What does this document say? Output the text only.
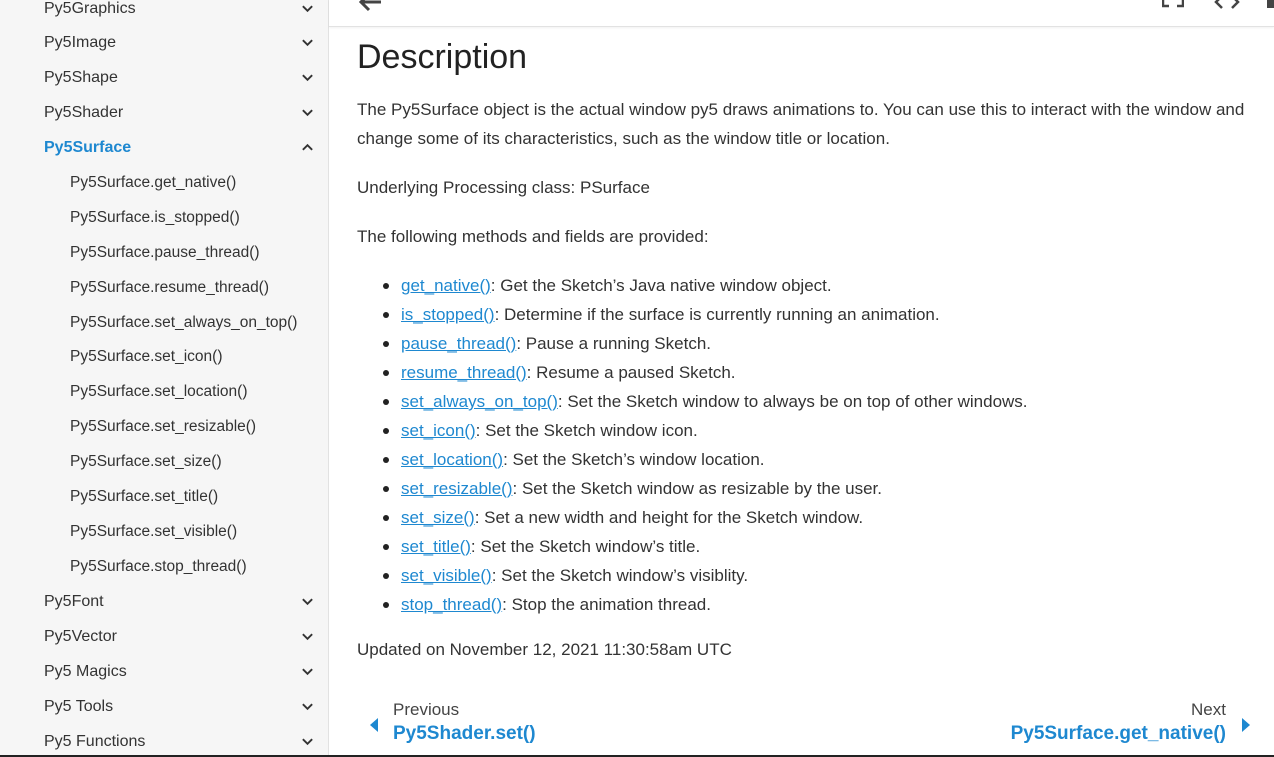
Py5Graphics
Py5Image
Py5Shape
Py5Shader
Py5Surface
Py5Surface.get_native()
Py5Surface.is_stopped()
Py5Surface.pause_thread()
Py5Surface.resume_thread()
Py5Surface.set_always_on_top()
Py5Surface.set_icon()
Py5Surface.set_location()
Py5Surface.set_resizable()
Py5Surface.set_size()
Py5Surface.set_title()
Py5Surface.set_visible()
Py5Surface.stop_thread()
Py5Font
Py5Vector
Py5 Magics
Py5 Tools
Py5 Functions
Description

The Py5Surface object is the actual window py5 draws animations to. You can use this to interact with the window and change some of its characteristics, such as the window title or location.

Underlying Processing class: PSurface

The following methods and fields are provided:

get_native(): Get the Sketch’s Java native window object.
is_stopped(): Determine if the surface is currently running an animation.
pause_thread(): Pause a running Sketch.
resume_thread(): Resume a paused Sketch.
set_always_on_top(): Set the Sketch window to always be on top of other windows.
set_icon(): Set the Sketch window icon.
set_location(): Set the Sketch’s window location.
set_resizable(): Set the Sketch window as resizable by the user.
set_size(): Set a new width and height for the Sketch window.
set_title(): Set the Sketch window’s title.
set_visible(): Set the Sketch window’s visiblity.
stop_thread(): Stop the animation thread.

Updated on November 12, 2021 11:30:58am UTC

Previous
Py5Shader.set()
Next
Py5Surface.get_native()
